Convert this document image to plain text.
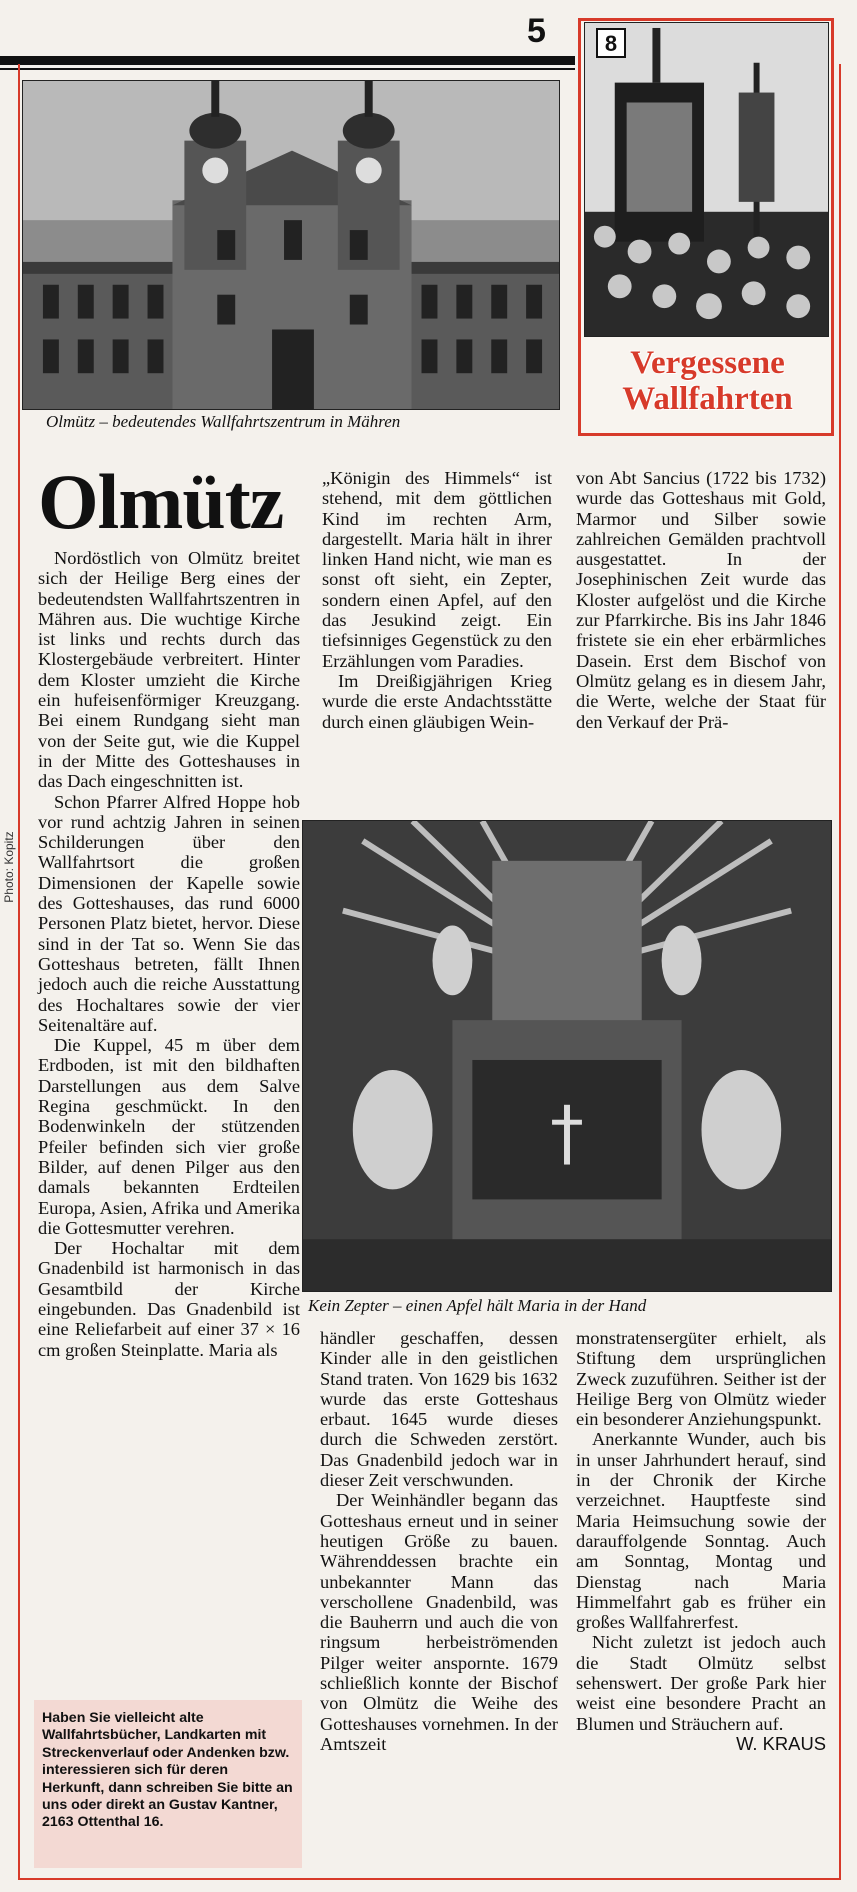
5
Olmütz – bedeutendes Wallfahrtszentrum in Mähren
8
Vergessene
Wallfahrten
Olmütz
Photo: Kopitz

Nordöstlich von Olmütz breitet sich der Heilige Berg eines der bedeutendsten Wallfahrtszentren in Mähren aus. Die wuchtige Kirche ist links und rechts durch das Klostergebäude verbreitert. Hinter dem Kloster umzieht die Kirche ein hufeisenförmiger Kreuzgang. Bei einem Rundgang sieht man von der Seite gut, wie die Kuppel in der Mitte des Gotteshauses in das Dach eingeschnitten ist.

Schon Pfarrer Alfred Hoppe hob vor rund achtzig Jahren in seinen Schilderungen über den Wallfahrtsort die großen Dimensionen der Kapelle sowie des Gotteshauses, das rund 6000 Personen Platz bietet, hervor. Diese sind in der Tat so. Wenn Sie das Gotteshaus betreten, fällt Ihnen jedoch auch die reiche Ausstattung des Hochaltares sowie der vier Seitenaltäre auf.

Die Kuppel, 45 m über dem Erdboden, ist mit den bildhaften Darstellungen aus dem Salve Regina geschmückt. In den Bodenwinkeln der stützenden Pfeiler befinden sich vier große Bilder, auf denen Pilger aus den damals bekannten Erdteilen Europa, Asien, Afrika und Amerika die Gottesmutter verehren.

Der Hochaltar mit dem Gnadenbild ist harmonisch in das Gesamtbild der Kirche eingebunden. Das Gnadenbild ist eine Reliefarbeit auf einer 37 × 16 cm großen Steinplatte. Maria als

„Königin des Himmels“ ist stehend, mit dem göttlichen Kind im rechten Arm, dargestellt. Maria hält in ihrer linken Hand nicht, wie man es sonst oft sieht, ein Zepter, sondern einen Apfel, auf den das Jesukind zeigt. Ein tiefsinniges Gegenstück zu den Erzählungen vom Paradies.

Im Dreißigjährigen Krieg wurde die erste Andachtsstätte durch einen gläubigen Wein-

von Abt Sancius (1722 bis 1732) wurde das Gotteshaus mit Gold, Marmor und Silber sowie zahlreichen Gemälden prachtvoll ausgestattet. In der Josephinischen Zeit wurde das Kloster aufgelöst und die Kirche zur Pfarrkirche. Bis ins Jahr 1846 fristete sie ein eher erbärmliches Dasein. Erst dem Bischof von Olmütz gelang es in diesem Jahr, die Werte, welche der Staat für den Verkauf der Prä-

Kein Zepter – einen Apfel hält Maria in der Hand

händler geschaffen, dessen Kinder alle in den geistlichen Stand traten. Von 1629 bis 1632 wurde das erste Gotteshaus erbaut. 1645 wurde dieses durch die Schweden zerstört. Das Gnadenbild jedoch war in dieser Zeit verschwunden.

Der Weinhändler begann das Gotteshaus erneut und in seiner heutigen Größe zu bauen. Währenddessen brachte ein unbekannter Mann das verschollene Gnadenbild, was die Bauherrn und auch die von ringsum herbeiströmenden Pilger weiter anspornte. 1679 schließlich konnte der Bischof von Olmütz die Weihe des Gotteshauses vornehmen. In der Amtszeit

monstratensergüter erhielt, als Stiftung dem ursprünglichen Zweck zuzuführen. Seither ist der Heilige Berg von Olmütz wieder ein besonderer Anziehungspunkt.

Anerkannte Wunder, auch bis in unser Jahrhundert herauf, sind in der Chronik der Kirche verzeichnet. Hauptfeste sind Maria Heimsuchung sowie der darauffolgende Sonntag. Auch am Sonntag, Montag und Dienstag nach Maria Himmelfahrt gab es früher ein großes Wallfahrerfest.

Nicht zuletzt ist jedoch auch die Stadt Olmütz selbst sehenswert. Der große Park hier weist eine besondere Pracht an Blumen und Sträuchern auf.
W. KRAUS

Haben Sie vielleicht alte Wallfahrtsbücher, Landkarten mit Streckenverlauf oder Andenken bzw. interessieren sich für deren Herkunft, dann schreiben Sie bitte an uns oder direkt an Gustav Kantner, 2163 Ottenthal 16.
